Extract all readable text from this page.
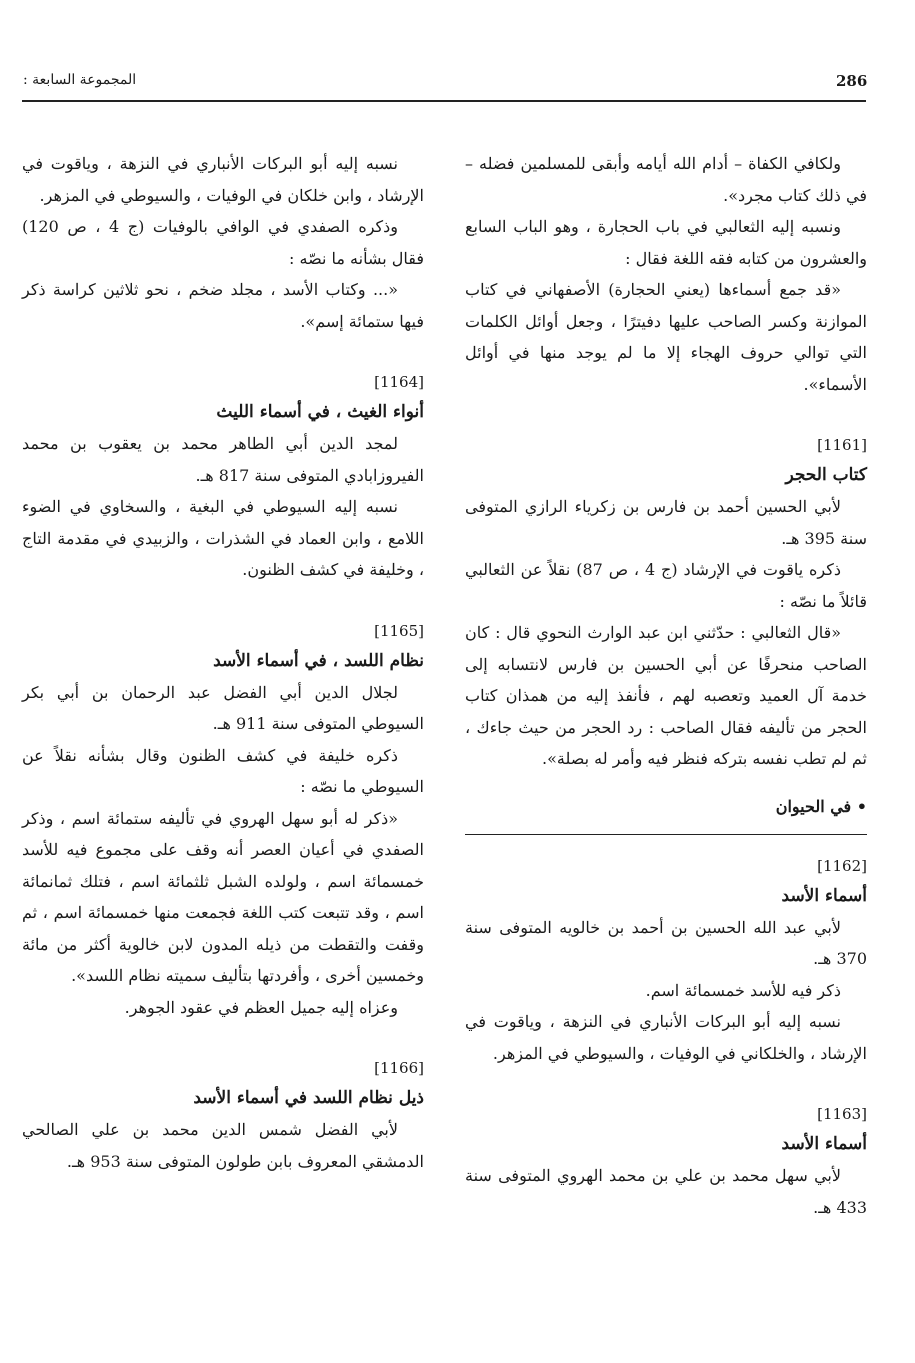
286
المجموعة السابعة :

ولكافي الكفاة – أدام الله أيامه وأبقى للمسلمين فضله – في ذلك كتاب مجرد».

ونسبه إليه الثعالبي في باب الحجارة ، وهو الباب السابع والعشرون من كتابه فقه اللغة فقال :

«قد جمع أسماءها (يعني الحجارة) الأصفهاني في كتاب الموازنة وكسر الصاحب عليها دفيترًا ، وجعل أوائل الكلمات التي توالي حروف الهجاء إلا ما لم يوجد منها في أوائل الأسماء».

[1161]

كتاب الحجر

لأبي الحسين أحمد بن فارس بن زكرياء الرازي المتوفى سنة 395 هـ.

ذكره ياقوت في الإرشاد (ج 4 ، ص 87) نقلاً عن الثعالبي قائلاً ما نصّه :

«قال الثعالبي : حدّثني ابن عبد الوارث النحوي قال : كان الصاحب منحرفًا عن أبي الحسين بن فارس لانتسابه إلى خدمة آل العميد وتعصبه لهم ، فأنفذ إليه من همذان كتاب الحجر من تأليفه فقال الصاحب : رد الحجر من حيث جاءك ، ثم لم تطب نفسه بتركه فنظر فيه وأمر له بصلة».

• في الحيوان

[1162]

أسماء الأسد

لأبي عبد الله الحسين بن أحمد بن خالويه المتوفى سنة 370 هـ.

ذكر فيه للأسد خمسمائة اسم.

نسبه إليه أبو البركات الأنباري في النزهة ، وياقوت في الإرشاد ، والخلكاني في الوفيات ، والسيوطي في المزهر.

[1163]

أسماء الأسد

لأبي سهل محمد بن علي بن محمد الهروي المتوفى سنة 433 هـ.

نسبه إليه أبو البركات الأنباري في النزهة ، وياقوت في الإرشاد ، وابن خلكان في الوفيات ، والسيوطي في المزهر.

وذكره الصفدي في الوافي بالوفيات (ج 4 ، ص 120) فقال بشأنه ما نصّه :

«... وكتاب الأسد ، مجلد ضخم ، نحو ثلاثين كراسة ذكر فيها ستمائة إسم».

[1164]

أنواء الغيث ، في أسماء الليث

لمجد الدين أبي الطاهر محمد بن يعقوب بن محمد الفيروزابادي المتوفى سنة 817 هـ.

نسبه إليه السيوطي في البغية ، والسخاوي في الضوء اللامع ، وابن العماد في الشذرات ، والزبيدي في مقدمة التاج ، وخليفة في كشف الظنون.

[1165]

نظام اللسد ، في أسماء الأسد

لجلال الدين أبي الفضل عبد الرحمان بن أبي بكر السيوطي المتوفى سنة 911 هـ.

ذكره خليفة في كشف الظنون وقال بشأنه نقلاً عن السيوطي ما نصّه :

«ذكر له أبو سهل الهروي في تأليفه ستمائة اسم ، وذكر الصفدي في أعيان العصر أنه وقف على مجموع فيه للأسد خمسمائة اسم ، ولولده الشبل ثلثمائة اسم ، فتلك ثمانمائة اسم ، وقد تتبعت كتب اللغة فجمعت منها خمسمائة اسم ، ثم وقفت والتقطت من ذيله المدون لابن خالوية أكثر من مائة وخمسين أخرى ، وأفردتها بتأليف سميته نظام اللسد».

وعزاه إليه جميل العظم في عقود الجوهر.

[1166]

ذيل نظام اللسد في أسماء الأسد

لأبي الفضل شمس الدين محمد بن علي الصالحي الدمشقي المعروف بابن طولون المتوفى سنة 953 هـ.
